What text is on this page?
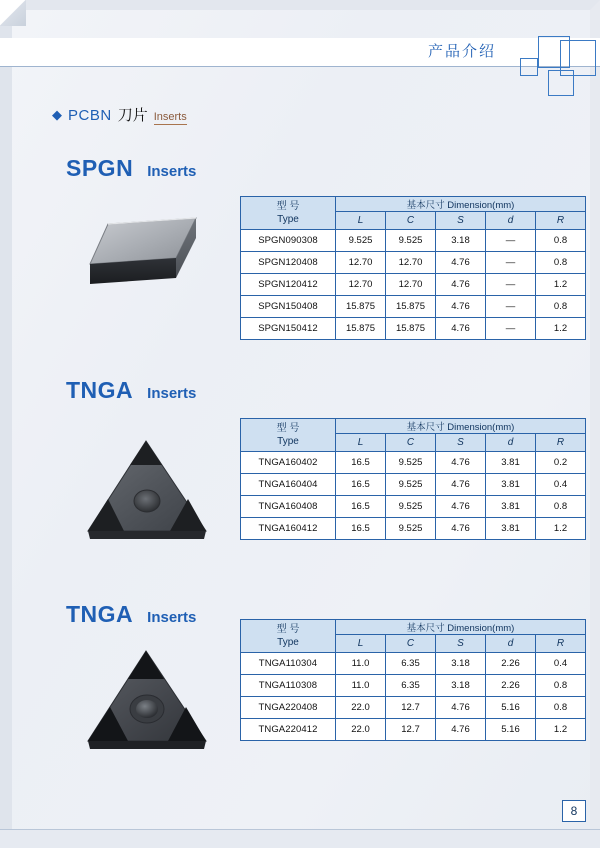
产品介绍
◆ PCBN 刀片 Inserts
SPGN Inserts
型 号
Type	基本尺寸 Dimension(mm)				
	L	C	S	d	R
SPGN090308	9.525	9.525	3.18	—	0.8
SPGN120408	12.70	12.70	4.76	—	0.8
SPGN120412	12.70	12.70	4.76	—	1.2
SPGN150408	15.875	15.875	4.76	—	0.8
SPGN150412	15.875	15.875	4.76	—	1.2
TNGA Inserts
型 号
Type	基本尺寸 Dimension(mm)				
	L	C	S	d	R
TNGA160402	16.5	9.525	4.76	3.81	0.2
TNGA160404	16.5	9.525	4.76	3.81	0.4
TNGA160408	16.5	9.525	4.76	3.81	0.8
TNGA160412	16.5	9.525	4.76	3.81	1.2
TNGA Inserts
型 号
Type	基本尺寸 Dimension(mm)				
	L	C	S	d	R
TNGA110304	11.0	6.35	3.18	2.26	0.4
TNGA110308	11.0	6.35	3.18	2.26	0.8
TNGA220408	22.0	12.7	4.76	5.16	0.8
TNGA220412	22.0	12.7	4.76	5.16	1.2
8
